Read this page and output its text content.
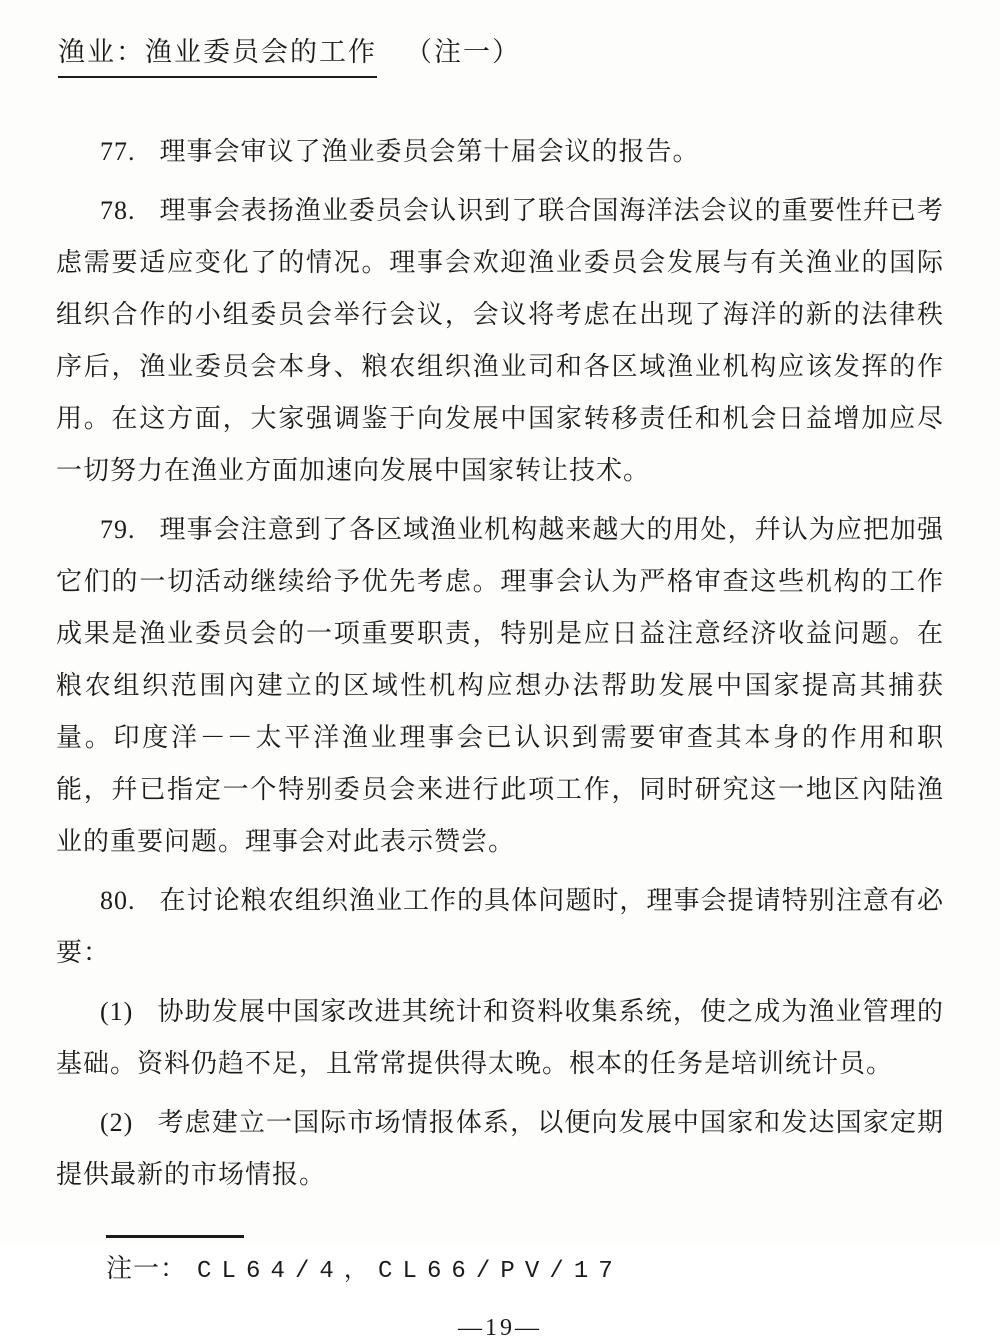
渔业：渔业委员会的工作 （注一）

77. 理事会审议了渔业委员会第十届会议的报告。

78. 理事会表扬渔业委员会认识到了联合国海洋法会议的重要性幷已考虑需要适应变化了的情况。理事会欢迎渔业委员会发展与有关渔业的国际组织合作的小组委员会举行会议，会议将考虑在出现了海洋的新的法律秩序后，渔业委员会本身、粮农组织渔业司和各区域渔业机构应该发挥的作用。在这方面，大家强调鉴于向发展中国家转移责任和机会日益增加应尽一切努力在渔业方面加速向发展中国家转让技术。

79. 理事会注意到了各区域渔业机构越来越大的用处，幷认为应把加强它们的一切活动继续给予优先考虑。理事会认为严格审查这些机构的工作成果是渔业委员会的一项重要职责，特别是应日益注意经济收益问题。在粮农组织范围內建立的区域性机构应想办法帮助发展中国家提高其捕获量。印度洋－－太平洋渔业理事会已认识到需要审查其本身的作用和职能，幷已指定一个特别委员会来进行此项工作，同时研究这一地区內陆渔业的重要问题。理事会对此表示赞尝。

80. 在讨论粮农组织渔业工作的具体问题时，理事会提请特别注意有必要：

(1) 协助发展中国家改进其统计和资料收集系统，使之成为渔业管理的基础。资料仍趋不足，且常常提供得太晚。根本的任务是培训统计员。

(2) 考虑建立一国际市场情报体系，以便向发展中国家和发达国家定期提供最新的市场情报。

注一： CL64/4，CL66/PV/17
—19—
